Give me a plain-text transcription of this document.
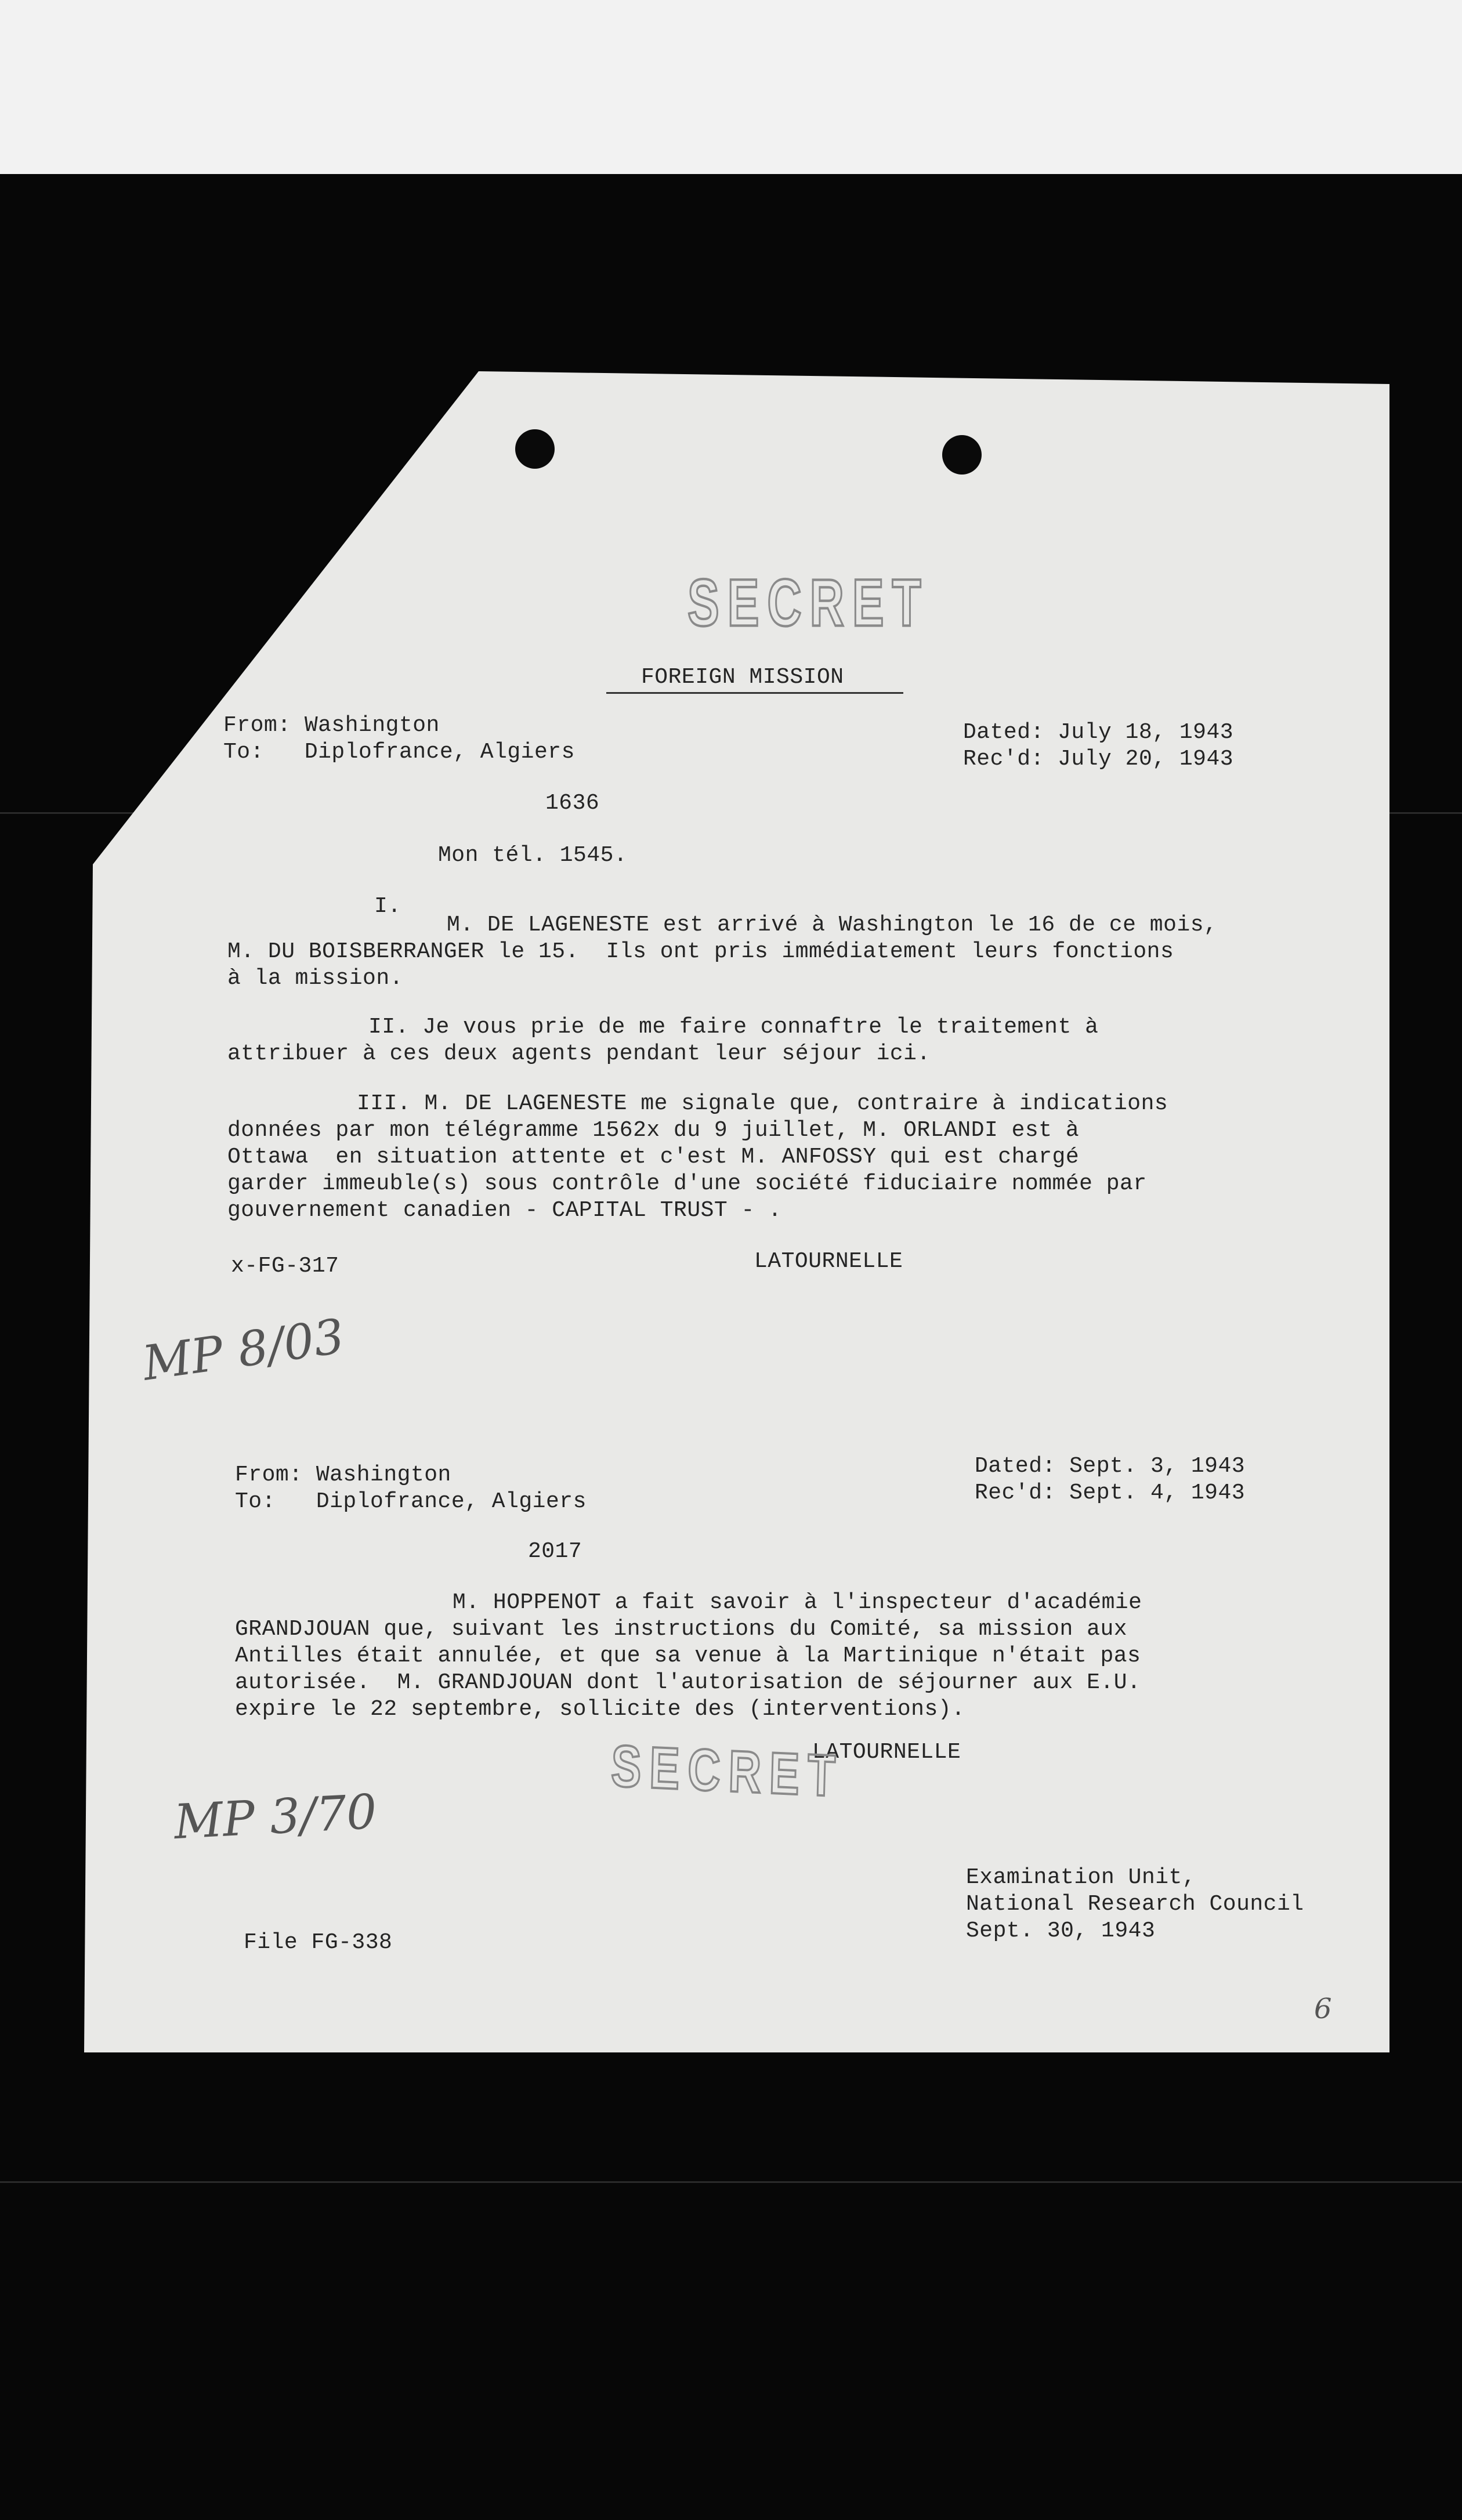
SECRET
FOREIGN MISSION
From: Washington
To:   Diplofrance, Algiers
Dated: July 18, 1943
Rec'd: July 20, 1943
1636
Mon tél. 1545.
I.
M. DE LAGENESTE est arrivé à Washington le 16 de ce mois,
M. DU BOISBERRANGER le 15.  Ils ont pris immédiatement leurs fonctions
à la mission.
II. Je vous prie de me faire connaftre le traitement à
attribuer à ces deux agents pendant leur séjour ici.
III. M. DE LAGENESTE me signale que, contraire à indications
données par mon télégramme 1562x du 9 juillet, M. ORLANDI est à
Ottawa  en situation attente et c'est M. ANFOSSY qui est chargé
garder immeuble(s) sous contrôle d'une société fiduciaire nommée par
gouvernement canadien - CAPITAL TRUST - .
x-FG-317	LATOURNELLE
MP 8/03
From: Washington
To:   Diplofrance, Algiers
Dated: Sept. 3, 1943
Rec'd: Sept. 4, 1943
2017
M. HOPPENOT a fait savoir à l'inspecteur d'académie
GRANDJOUAN que, suivant les instructions du Comité, sa mission aux
Antilles était annulée, et que sa venue à la Martinique n'était pas
autorisée.  M. GRANDJOUAN dont l'autorisation de séjourner aux E.U.
expire le 22 septembre, sollicite des (interventions).
LATOURNELLE
SECRET
MP 3/70
Examination Unit,
National Research Council
Sept. 30, 1943
File FG-338
6
